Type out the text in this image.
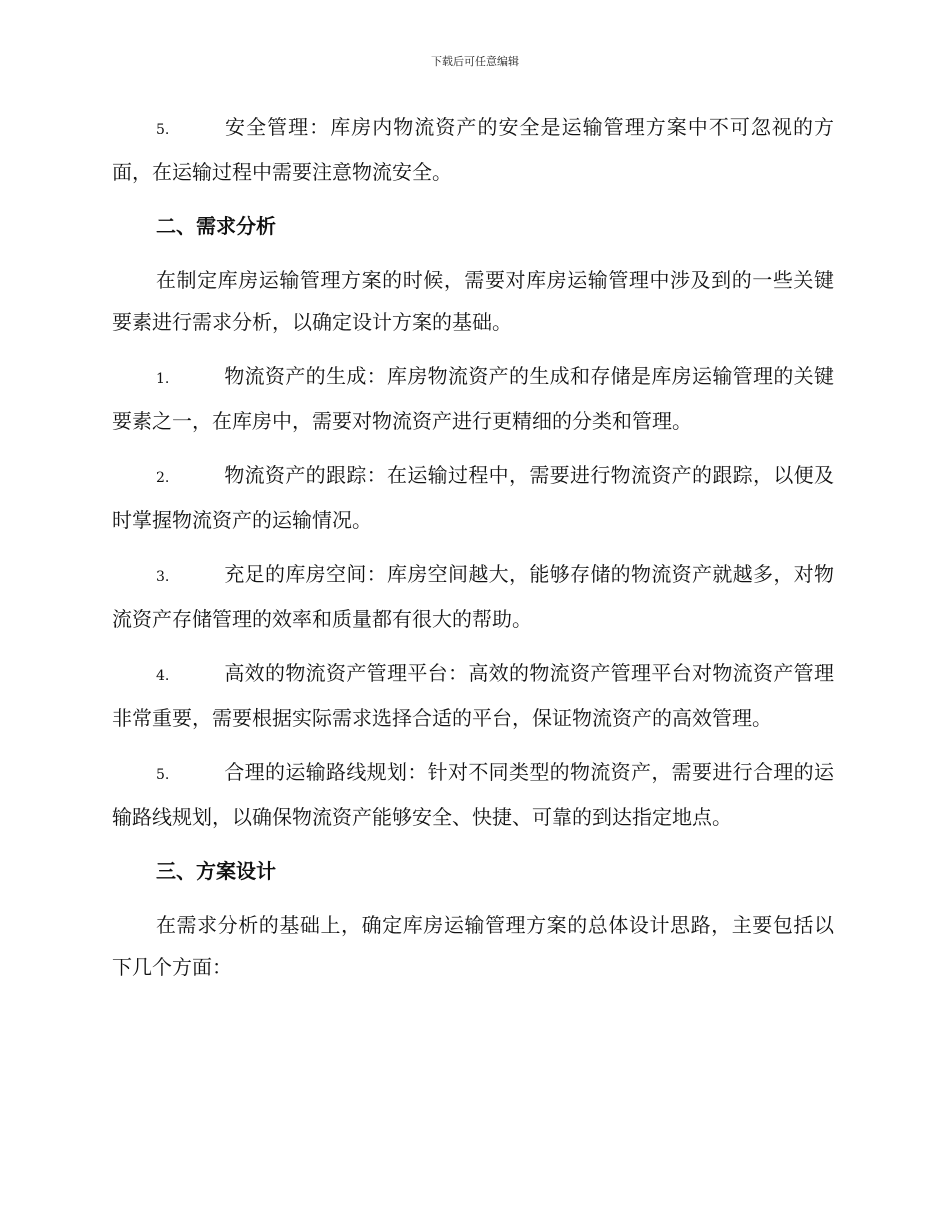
下载后可任意编辑

5.	安全管理：库房内物流资产的安全是运输管理方案中不可忽视的方面，在运输过程中需要注意物流安全。

二、需求分析

在制定库房运输管理方案的时候，需要对库房运输管理中涉及到的一些关键要素进行需求分析，以确定设计方案的基础。

1.	物流资产的生成：库房物流资产的生成和存储是库房运输管理的关键要素之一，在库房中，需要对物流资产进行更精细的分类和管理。

2.	物流资产的跟踪：在运输过程中，需要进行物流资产的跟踪，以便及时掌握物流资产的运输情况。

3.	充足的库房空间：库房空间越大，能够存储的物流资产就越多，对物流资产存储管理的效率和质量都有很大的帮助。

4.	高效的物流资产管理平台：高效的物流资产管理平台对物流资产管理非常重要，需要根据实际需求选择合适的平台，保证物流资产的高效管理。

5.	合理的运输路线规划：针对不同类型的物流资产，需要进行合理的运输路线规划，以确保物流资产能够安全、快捷、可靠的到达指定地点。

三、方案设计

在需求分析的基础上，确定库房运输管理方案的总体设计思路，主要包括以下几个方面：
